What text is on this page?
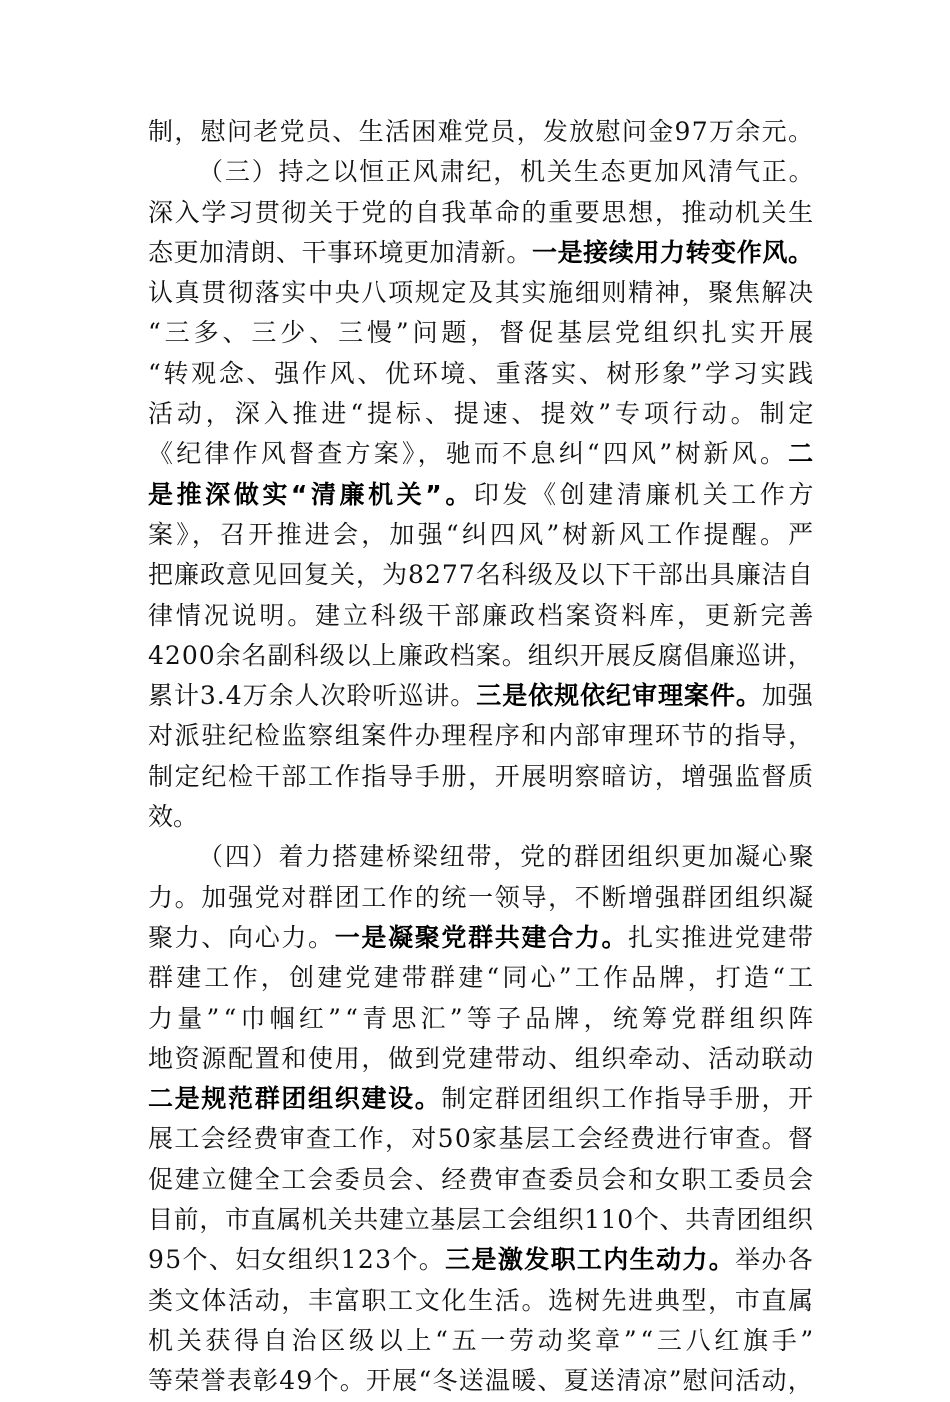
制，慰问老党员、生活困难党员，发放慰问金97万余元。
（三）持之以恒正风肃纪，机关生态更加风清气正。
深入学习贯彻关于党的自我革命的重要思想，推动机关生
态更加清朗、干事环境更加清新。一是接续用力转变作风。
认真贯彻落实中央八项规定及其实施细则精神，聚焦解决
“三多、三少、三慢”问题，督促基层党组织扎实开展
“转观念、强作风、优环境、重落实、树形象”学习实践
活动，深入推进“提标、提速、提效”专项行动。制定
《纪律作风督查方案》，驰而不息纠“四风”树新风。二
是推深做实“清廉机关”。印发《创建清廉机关工作方
案》，召开推进会，加强“纠四风”树新风工作提醒。严
把廉政意见回复关，为8277名科级及以下干部出具廉洁自
律情况说明。建立科级干部廉政档案资料库，更新完善
4200余名副科级以上廉政档案。组织开展反腐倡廉巡讲，
累计3.4万余人次聆听巡讲。三是依规依纪审理案件。加强
对派驻纪检监察组案件办理程序和内部审理环节的指导，
制定纪检干部工作指导手册，开展明察暗访，增强监督质
效。
（四）着力搭建桥梁纽带，党的群团组织更加凝心聚
力。加强党对群团工作的统一领导，不断增强群团组织凝
聚力、向心力。一是凝聚党群共建合力。扎实推进党建带
群建工作，创建党建带群建“同心”工作品牌，打造“工
力量”“巾帼红”“青思汇”等子品牌，统筹党群组织阵
地资源配置和使用，做到党建带动、组织牵动、活动联动
二是规范群团组织建设。制定群团组织工作指导手册，开
展工会经费审查工作，对50家基层工会经费进行审查。督
促建立健全工会委员会、经费审查委员会和女职工委员会
目前，市直属机关共建立基层工会组织110个、共青团组织
95个、妇女组织123个。三是激发职工内生动力。举办各
类文体活动，丰富职工文化生活。选树先进典型，市直属
机关获得自治区级以上“五一劳动奖章”“三八红旗手”
等荣誉表彰49个。开展“冬送温暖、夏送清凉”慰问活动，
